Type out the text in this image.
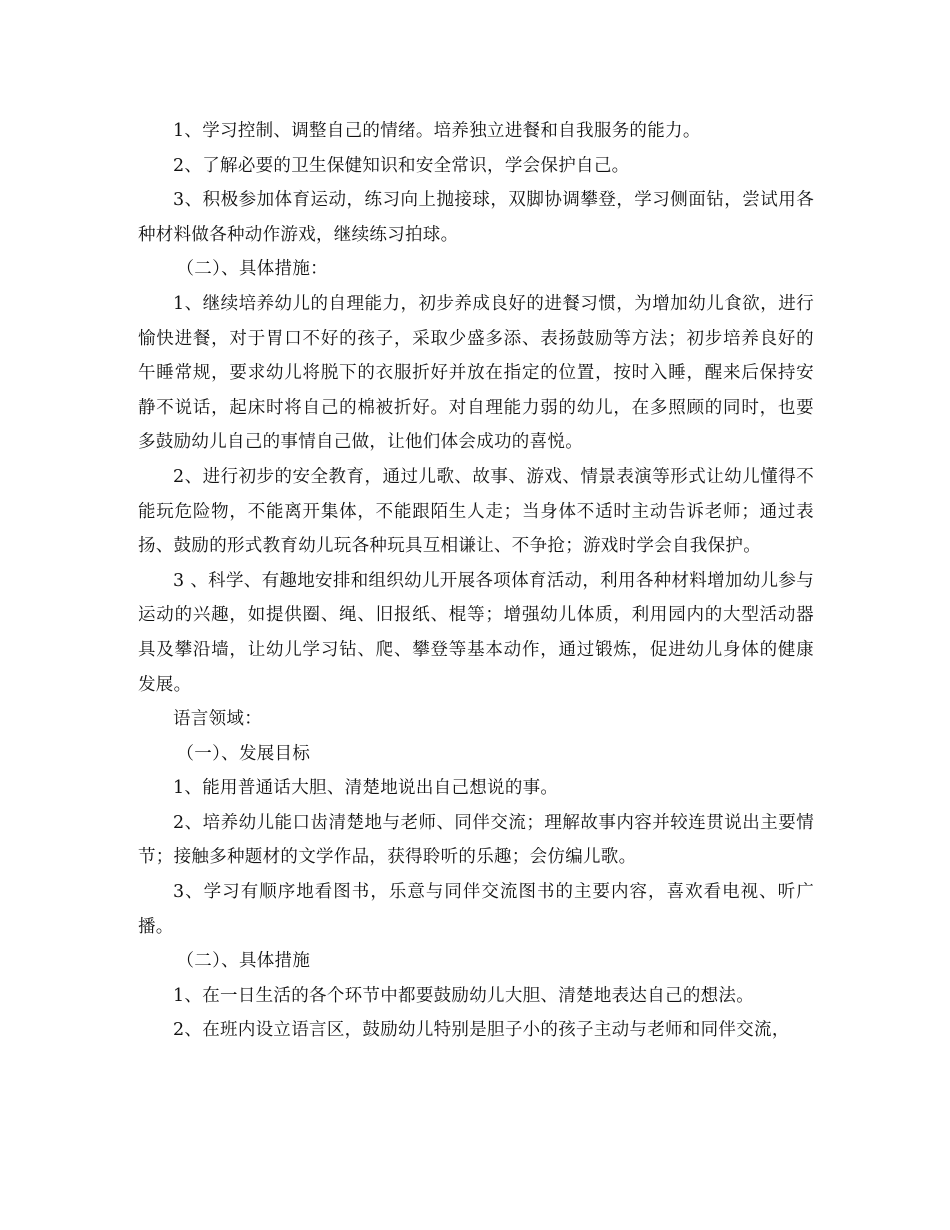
1、学习控制、调整自己的情绪。培养独立进餐和自我服务的能力。

2、了解必要的卫生保健知识和安全常识，学会保护自己。

3、积极参加体育运动，练习向上抛接球，双脚协调攀登，学习侧面钻，尝试用各种材料做各种动作游戏，继续练习拍球。

（二）、具体措施：

1、继续培养幼儿的自理能力，初步养成良好的进餐习惯，为增加幼儿食欲，进行愉快进餐，对于胃口不好的孩子，采取少盛多添、表扬鼓励等方法；初步培养良好的午睡常规，要求幼儿将脱下的衣服折好并放在指定的位置，按时入睡，醒来后保持安静不说话，起床时将自己的棉被折好。对自理能力弱的幼儿，在多照顾的同时，也要多鼓励幼儿自己的事情自己做，让他们体会成功的喜悦。

2、进行初步的安全教育，通过儿歌、故事、游戏、情景表演等形式让幼儿懂得不能玩危险物，不能离开集体，不能跟陌生人走；当身体不适时主动告诉老师；通过表扬、鼓励的形式教育幼儿玩各种玩具互相谦让、不争抢；游戏时学会自我保护。

3 、科学、有趣地安排和组织幼儿开展各项体育活动，利用各种材料增加幼儿参与运动的兴趣，如提供圈、绳、旧报纸、棍等；增强幼儿体质，利用园内的大型活动器具及攀沿墙，让幼儿学习钻、爬、攀登等基本动作，通过锻炼，促进幼儿身体的健康发展。

语言领域：

（一）、发展目标

1、能用普通话大胆、清楚地说出自己想说的事。

2、培养幼儿能口齿清楚地与老师、同伴交流；理解故事内容并较连贯说出主要情节；接触多种题材的文学作品，获得聆听的乐趣；会仿编儿歌。

3、学习有顺序地看图书，乐意与同伴交流图书的主要内容，喜欢看电视、听广播。

（二）、具体措施

1、在一日生活的各个环节中都要鼓励幼儿大胆、清楚地表达自己的想法。

2、在班内设立语言区，鼓励幼儿特别是胆子小的孩子主动与老师和同伴交流，
